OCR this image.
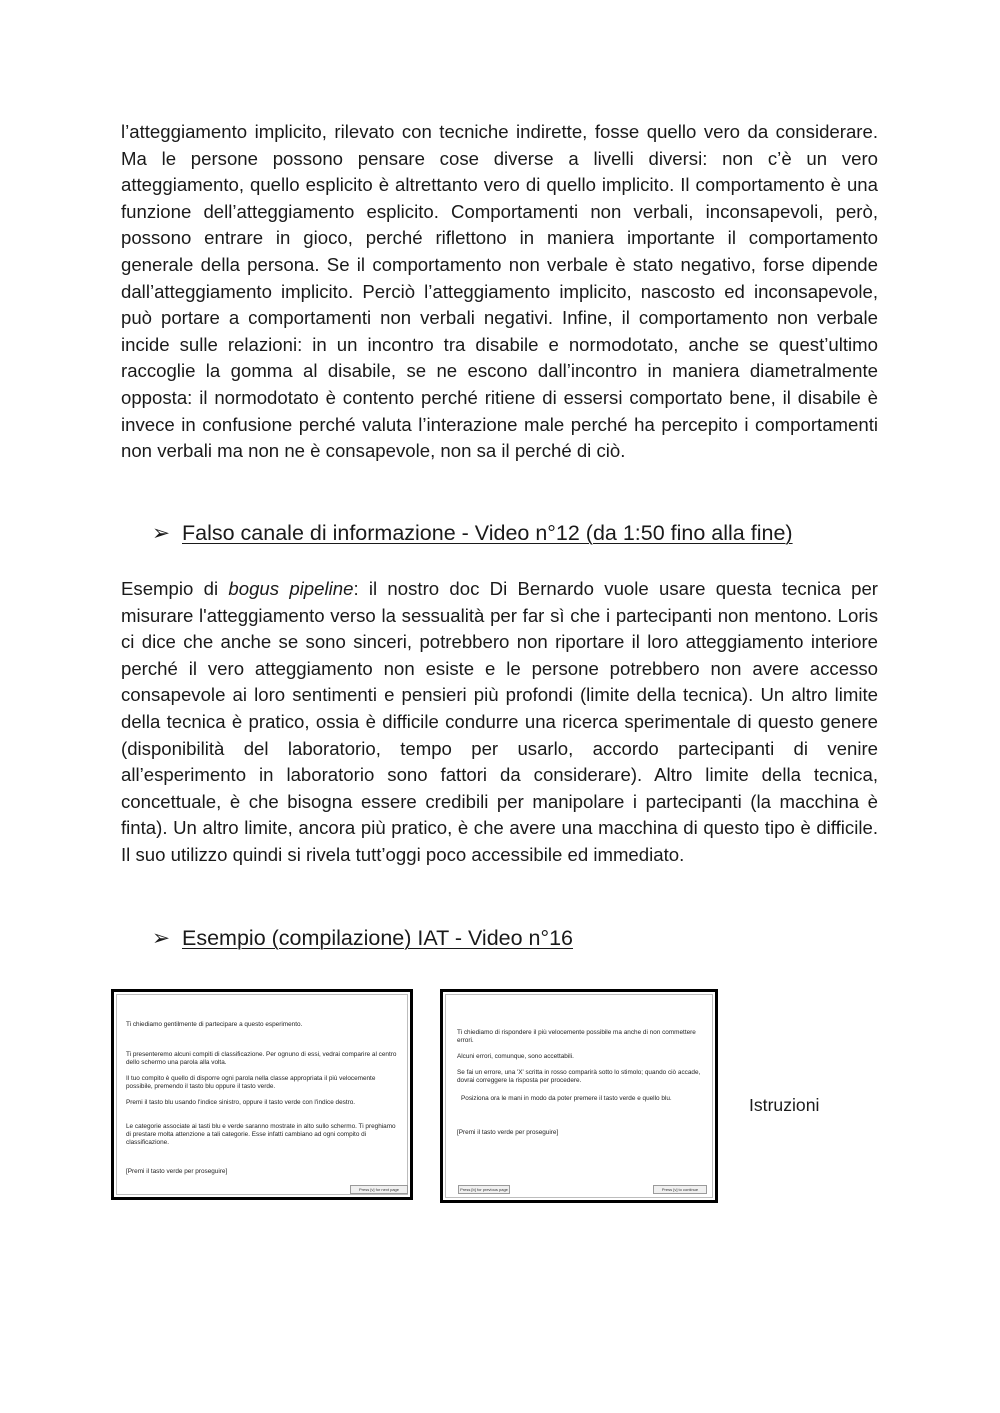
l’atteggiamento implicito, rilevato con tecniche indirette, fosse quello vero da considerare. Ma le persone possono pensare cose diverse a livelli diversi: non c’è un vero atteggiamento, quello esplicito è altrettanto vero di quello implicito. Il comportamento è una funzione dell’atteggiamento esplicito. Comportamenti non verbali, inconsapevoli, però, possono entrare in gioco, perché riflettono in maniera importante il comportamento generale della persona. Se il comportamento non verbale è stato negativo, forse dipende dall’atteggiamento implicito. Perciò l’atteggiamento implicito, nascosto ed inconsapevole, può portare a comportamenti non verbali negativi. Infine, il comportamento non verbale incide sulle relazioni: in un incontro tra disabile e normodotato, anche se quest’ultimo raccoglie la gomma al disabile, se ne escono dall’incontro in maniera diametralmente opposta: il normodotato è contento perché ritiene di essersi comportato bene, il disabile è invece in confusione perché valuta l’interazione male perché ha percepito i comportamenti non verbali ma non ne è consapevole, non sa il perché di ciò.

➢ Falso canale di informazione - Video n°12 (da 1:50 fino alla fine)

Esempio di bogus pipeline: il nostro doc Di Bernardo vuole usare questa tecnica per misurare l'atteggiamento verso la sessualità per far sì che i partecipanti non mentono. Loris ci dice che anche se sono sinceri, potrebbero non riportare il loro atteggiamento interiore perché il vero atteggiamento non esiste e le persone potrebbero non avere accesso consapevole ai loro sentimenti e pensieri più profondi (limite della tecnica). Un altro limite della tecnica è pratico, ossia è difficile condurre una ricerca sperimentale di questo genere (disponibilità del laboratorio, tempo per usarlo, accordo partecipanti di venire all’esperimento in laboratorio sono fattori da considerare). Altro limite della tecnica, concettuale, è che bisogna essere credibili per manipolare i partecipanti (la macchina è finta). Un altro limite, ancora più pratico, è che avere una macchina di questo tipo è difficile. Il suo utilizzo quindi si rivela tutt’oggi poco accessibile ed immediato.

➢ Esempio (compilazione) IAT - Video n°16

Ti chiediamo gentilmente di partecipare a questo esperimento.

Ti presenteremo alcuni compiti di classificazione. Per ognuno di essi, vedrai comparire al centro dello schermo una parola alla volta.

Il tuo compito è quello di disporre ogni parola nella classe appropriata il più velocemente possibile, premendo il tasto blu oppure il tasto verde.

Premi il tasto blu usando l'indice sinistro, oppure il tasto verde con l'indice destro.

Le categorie associate ai tasti blu e verde saranno mostrate in alto sullo schermo. Ti preghiamo di prestare molta attenzione a tali categorie. Esse infatti cambiano ad ogni compito di classificazione.

[Premi il tasto verde per proseguire]

Press [v] for next page

Ti chiediamo di rispondere il più velocemente possibile ma anche di non commettere errori.

Alcuni errori, comunque, sono accettabili.

Se fai un errore, una 'X' scritta in rosso comparirà sotto lo stimolo; quando ciò accade, dovrai correggere la risposta per procedere.

Posiziona ora le mani in modo da poter premere il tasto verde e quello blu.

[Premi il tasto verde per proseguire]

Press [b] for previous page	Press [v] to continue

Istruzioni
